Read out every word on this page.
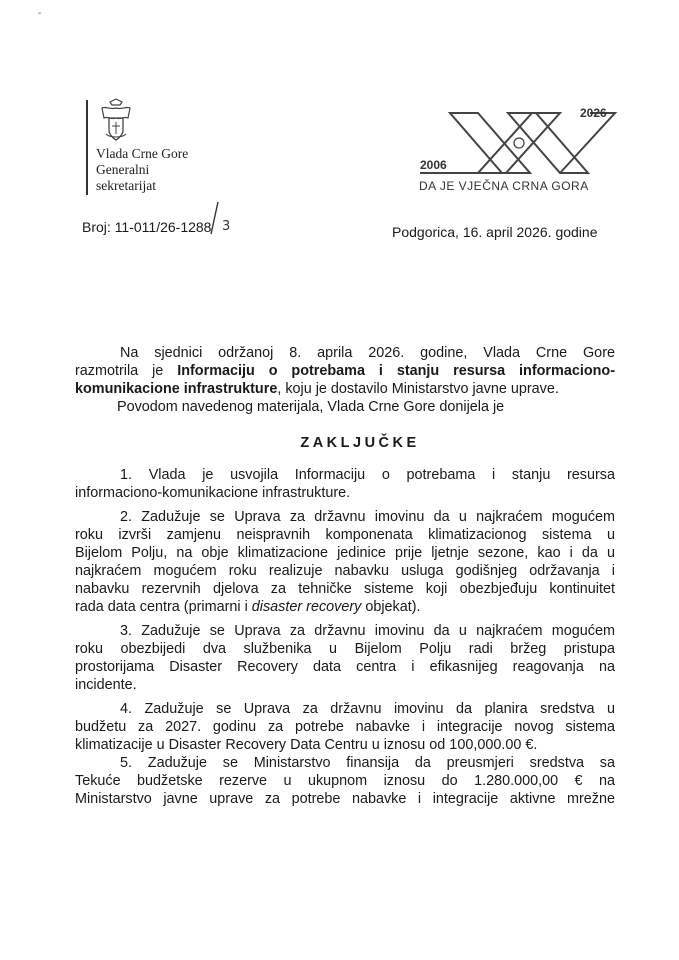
-
Vlada Crne Gore
Generalni
sekretarijat
2006
2026
DA JE VJEČNA CRNA GORA
Broj: 11-011/26-1288 3	Podgorica, 16. april 2026. godine
Na sjednici održanoj 8. aprila 2026. godine, Vlada Crne Gore
razmotrila je Informaciju o potrebama i stanju resursa informaciono-
komunikacione infrastrukture, koju je dostavilo Ministarstvo javne uprave.
Povodom navedenog materijala, Vlada Crne Gore donijela je
ZAKLJUČKE
1. Vlada je usvojila Informaciju o potrebama i stanju resursa
informaciono-komunikacione infrastrukture.
2. Zadužuje se Uprava za državnu imovinu da u najkraćem mogućem
roku izvrši zamjenu neispravnih komponenata klimatizacionog sistema u
Bijelom Polju, na obje klimatizacione jedinice prije ljetnje sezone, kao i da u
najkraćem mogućem roku realizuje nabavku usluga godišnjeg održavanja i
nabavku rezervnih djelova za tehničke sisteme koji obezbjeđuju kontinuitet
rada data centra (primarni i disaster recovery objekat).
3. Zadužuje se Uprava za državnu imovinu da u najkraćem mogućem
roku obezbijedi dva službenika u Bijelom Polju radi bržeg pristupa
prostorijama Disaster Recovery data centra i efikasnijeg reagovanja na
incidente.
4. Zadužuje se Uprava za državnu imovinu da planira sredstva u
budžetu za 2027. godinu za potrebe nabavke i integracije novog sistema
klimatizacije u Disaster Recovery Data Centru u iznosu od 100,000.00 €.
5. Zadužuje se Ministarstvo finansija da preusmjeri sredstva sa
Tekuće budžetske rezerve u ukupnom iznosu do 1.280.000,00 € na
Ministarstvo javne uprave za potrebe nabavke i integracije aktivne mrežne
